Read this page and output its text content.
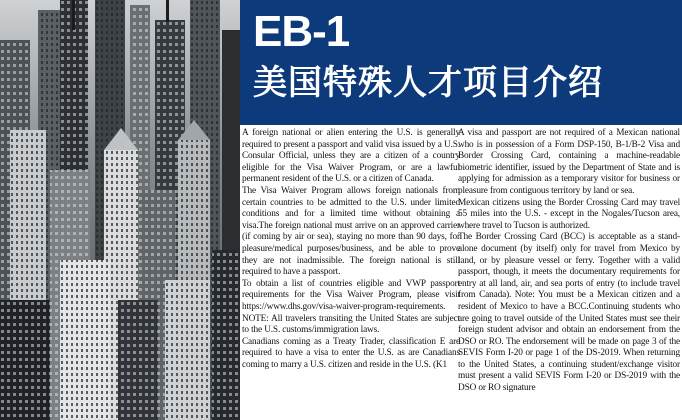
EB-1
美国特殊人才项目介绍

A foreign national or alien entering the U.S. is generally required to present a passport and valid visa issued by a U.S. Consular Official, unless they are a citizen of a country eligible for the Visa Waiver Program, or are a lawful permanent resident of the U.S. or a citizen of Canada.

The Visa Waiver Program allows foreign nationals from certain countries to be admitted to the U.S. under limited conditions and for a limited time without obtaining a visa.The foreign national must arrive on an approved carrier (if coming by air or sea), staying no more than 90 days, for pleasure/medical purposes/business, and be able to prove they are not inadmissible. The foreign national is still required to have a passport.

To obtain a list of countries eligible and VWP passport requirements for the Visa Waiver Program, please visit https://www.dhs.gov/visa-waiver-program-requirements. NOTE: All travelers transiting the United States are subject to the U.S. customs/immigration laws.

Canadians coming as a Treaty Trader, classification E are required to have a visa to enter the U.S. as are Canadians coming to marry a U.S. citizen and reside in the U.S. (K1

A visa and passport are not required of a Mexican national who is in possession of a Form DSP-150, B-1/B-2 Visa and Border Crossing Card, containing a machine-readable biometric identifier, issued by the Department of State and is applying for admission as a temporary visitor for business or pleasure from contiguous territory by land or sea.

Mexican citizens using the Border Crossing Card may travel 55 miles into the U.S. - except in the Nogales/Tucson area, where travel to Tucson is authorized.

The Border Crossing Card (BCC) is acceptable as a stand-alone document (by itself) only for travel from Mexico by land, or by pleasure vessel or ferry. Together with a valid passport, though, it meets the documentary requirements for entry at all land, air, and sea ports of entry (to include travel from Canada). Note: You must be a Mexican citizen and a resident of Mexico to have a BCC.Continuing students who are going to travel outside of the United States must see their foreign student advisor and obtain an endorsement from the DSO or RO. The endorsement will be made on page 3 of the SEVIS Form I-20 or page 1 of the DS-2019. When returning to the United States, a continuing student/exchange visitor must present a valid SEVIS Form I-20 or DS-2019 with the DSO or RO signature
